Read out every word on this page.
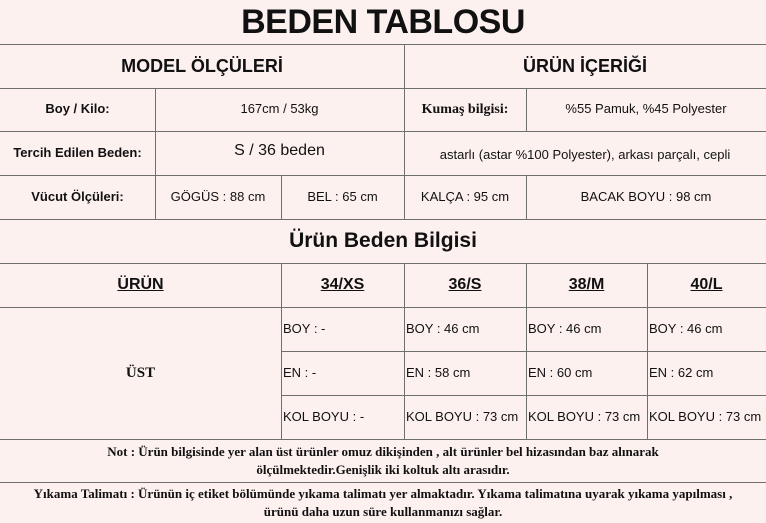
BEDEN TABLOSU
MODEL ÖLÇÜLERİ	ÜRÜN İÇERİĞİ
Boy / Kilo:	167cm / 53kg	Kumaş bilgisi:	%55 Pamuk, %45 Polyester
Tercih Edilen Beden:	S / 36 beden	astarlı (astar %100 Polyester), arkası parçalı, cepli
Vücut Ölçüleri:	GÖGÜS : 88 cm	BEL : 65 cm	KALÇA : 95 cm	BACAK BOYU : 98 cm
Ürün Beden Bilgisi
ÜRÜN	34/XS	36/S	38/M	40/L
ÜST
BOY : -	BOY : 46 cm	BOY : 46 cm	BOY : 46 cm
EN : -	EN : 58 cm	EN : 60 cm	EN : 62 cm
KOL BOYU : -	KOL BOYU : 73 cm KOL BOYU : 73 cm KOL BOYU : 73 cm
Not : Ürün bilgisinde yer alan üst ürünler omuz dikişinden , alt ürünler bel hizasından baz alınarak ölçülmektedir.Genişlik iki koltuk altı arasıdır.
Yıkama Talimatı : Ürünün iç etiket bölümünde yıkama talimatı yer almaktadır. Yıkama talimatına uyarak yıkama yapılması , ürünü daha uzun süre kullanmanızı sağlar.
